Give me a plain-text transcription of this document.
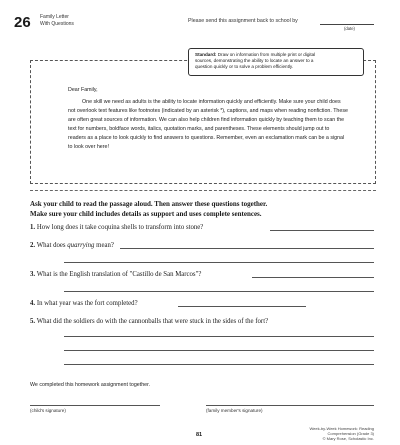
26 Family Letter
With Questions	Please send this assignment back to school by
(date)
Standard: Draw on information from multiple print or digital
sources, demonstrating the ability to locate an answer to a
question quickly or to solve a problem efficiently.

Dear Family,

One skill we need as adults is the ability to locate information quickly and efficiently. Make sure your child does not overlook text features like footnotes (indicated by an asterisk *), captions, and maps when reading nonfiction. These are often great sources of information. We can also help children find information quickly by teaching them to scan the text for numbers, boldface words, italics, quotation marks, and parentheses. These elements should jump out to readers as a place to look quickly to find answers to questions. Remember, even an exclamation mark can be a signal to look over here!

Ask your child to read the passage aloud. Then answer these questions together.
Make sure your child includes details as support and uses complete sentences.
1. How long does it take coquina shells to transform into stone?
2. What does quarrying mean?
3. What is the English translation of "Castillo de San Marcos"?
4. In what year was the fort completed?
5. What did the soldiers do with the cannonballs that were stuck in the sides of the fort?
We completed this homework assignment together.
(child's signature)	(family member's signature)
81
Week-by-Week Homework: Reading Comprehension (Grade 3)
© Mary Rose, Scholastic Inc.
